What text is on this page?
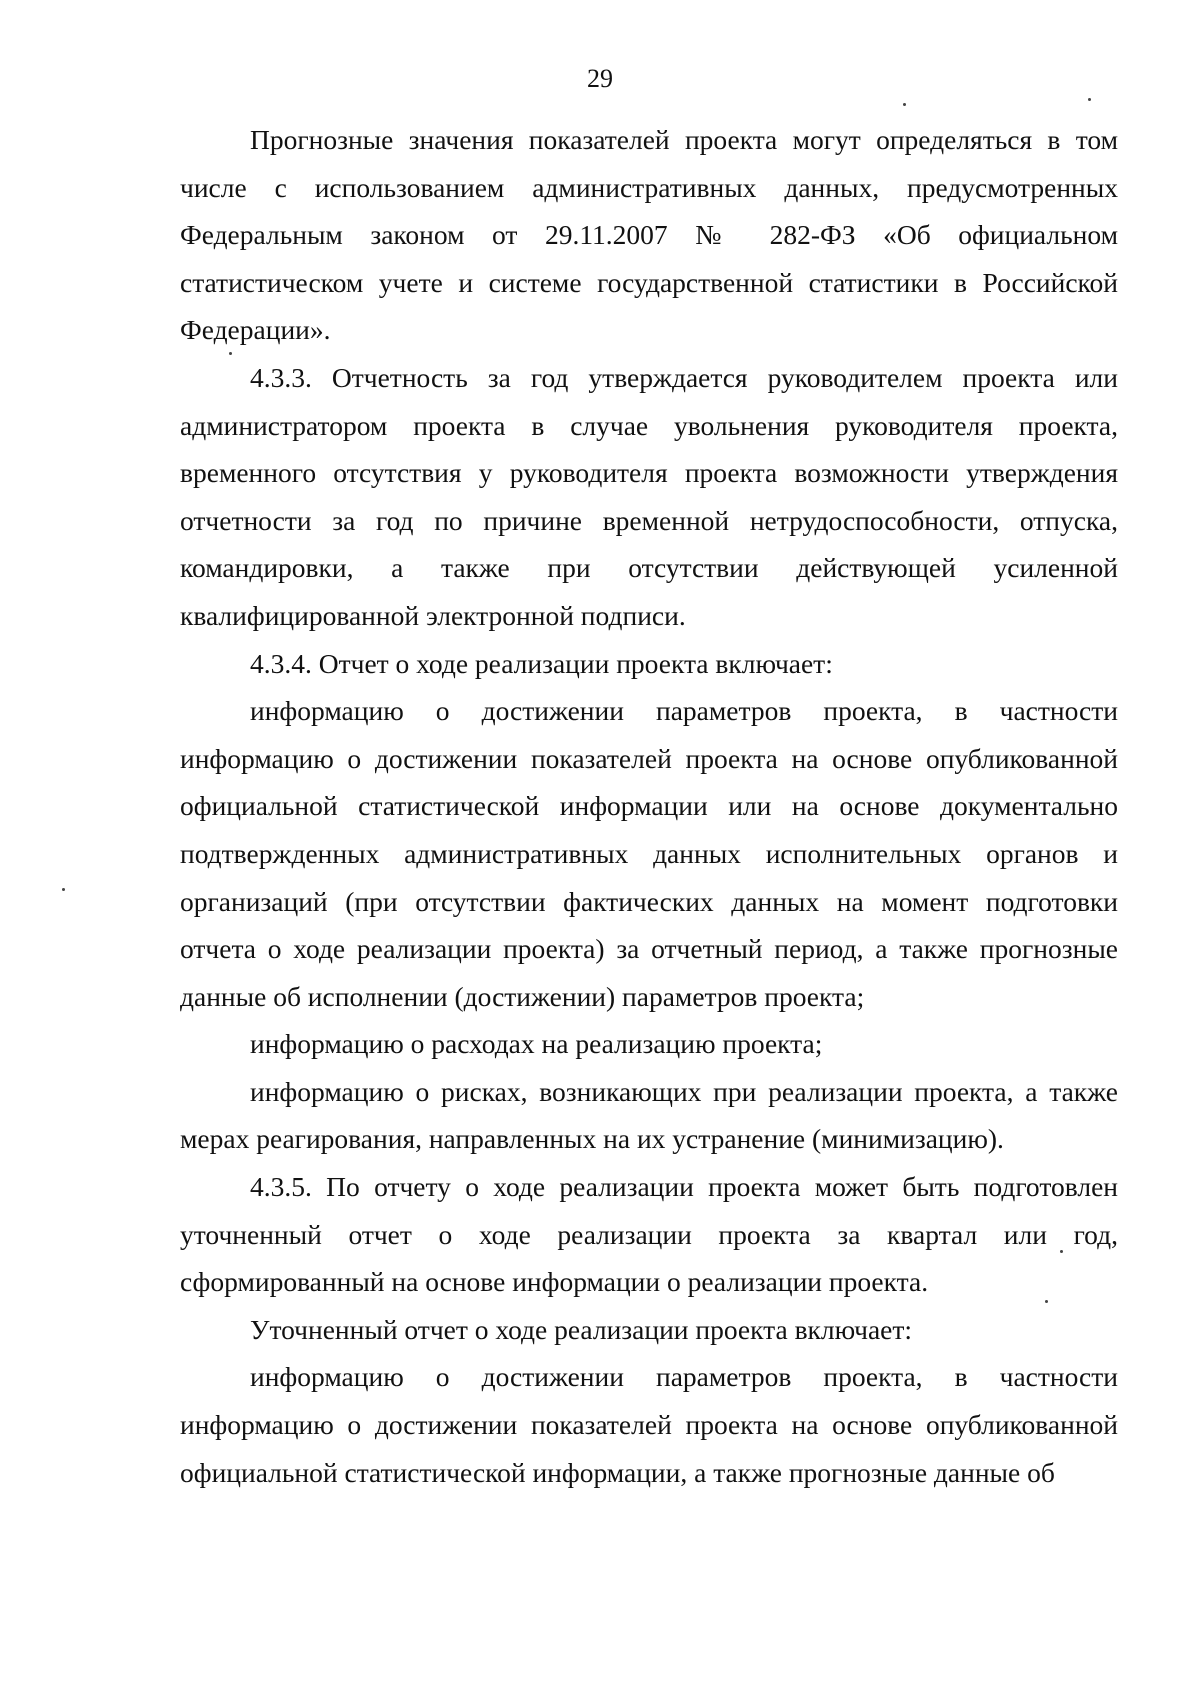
29

Прогнозные значения показателей проекта могут определяться в том числе с использованием административных данных, предусмотренных Федеральным законом от 29.11.2007 № 282-ФЗ «Об официальном статистическом учете и системе государственной статистики в Российской Федерации».

4.3.3. Отчетность за год утверждается руководителем проекта или администратором проекта в случае увольнения руководителя проекта, временного отсутствия у руководителя проекта возможности утверждения отчетности за год по причине временной нетрудоспособности, отпуска, командировки, а также при отсутствии действующей усиленной квалифицированной электронной подписи.

4.3.4. Отчет о ходе реализации проекта включает:

информацию о достижении параметров проекта, в частности информацию о достижении показателей проекта на основе опубликованной официальной статистической информации или на основе документально подтвержденных административных данных исполнительных органов и организаций (при отсутствии фактических данных на момент подготовки отчета о ходе реализации проекта) за отчетный период, а также прогнозные данные об исполнении (достижении) параметров проекта;

информацию о расходах на реализацию проекта;

информацию о рисках, возникающих при реализации проекта, а также мерах реагирования, направленных на их устранение (минимизацию).

4.3.5. По отчету о ходе реализации проекта может быть подготовлен уточненный отчет о ходе реализации проекта за квартал или год, сформированный на основе информации о реализации проекта.

Уточненный отчет о ходе реализации проекта включает:

информацию о достижении параметров проекта, в частности информацию о достижении показателей проекта на основе опубликованной официальной статистической информации, а также прогнозные данные об
